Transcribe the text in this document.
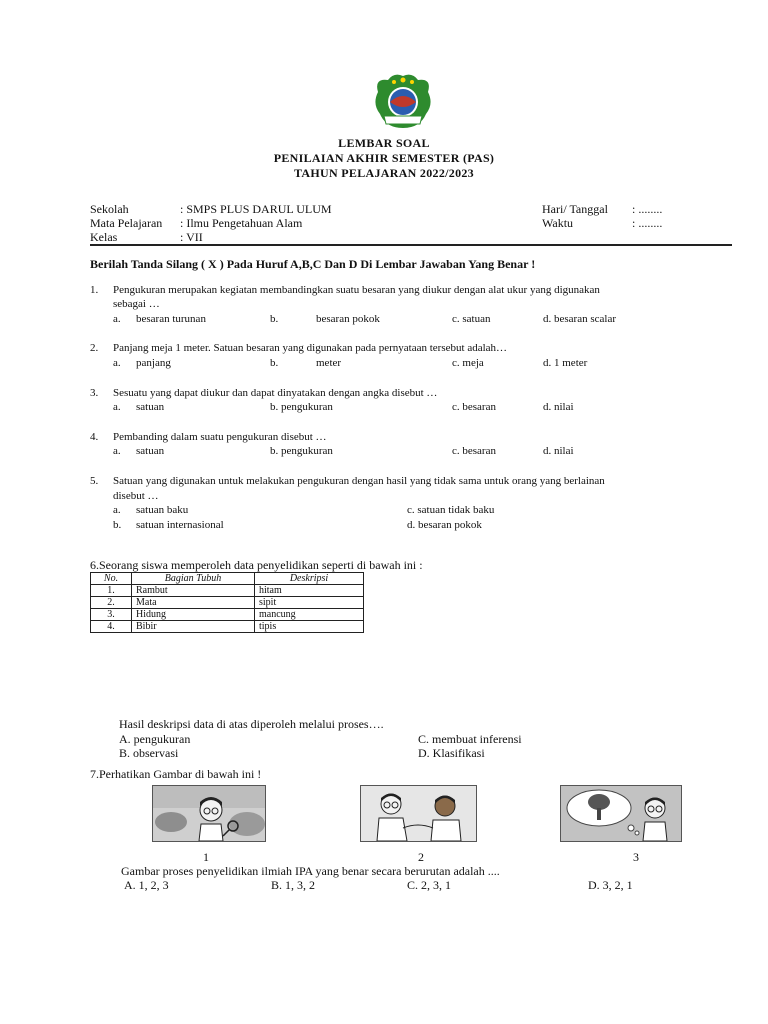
LEMBAR SOAL
PENILAIAN AKHIR SEMESTER (PAS)
TAHUN PELAJARAN 2022/2023
Sekolah	: SMPS PLUS DARUL ULUM
Mata Pelajaran : Ilmu Pengetahuan Alam
Kelas	: VII
Hari/ Tanggal : ........
Waktu	: ........
Berilah Tanda Silang ( X ) Pada Huruf A,B,C Dan D Di Lembar Jawaban Yang Benar !
1. Pengukuran merupakan kegiatan membandingkan suatu besaran yang diukur dengan alat ukur yang digunakan
sebagai …
a. besaran turunan	b.	besaran pokok	c. satuan	d. besaran scalar
2. Panjang meja 1 meter. Satuan besaran yang digunakan pada pernyataan tersebut adalah…
a. panjang	b.	meter	c. meja	d. 1 meter
3. Sesuatu yang dapat diukur dan dapat dinyatakan dengan angka disebut …
a. satuan	b. pengukuran	c. besaran	d. nilai
4. Pembanding dalam suatu pengukuran disebut …
a. satuan	b. pengukuran	c. besaran	d. nilai
5. Satuan yang digunakan untuk melakukan pengukuran dengan hasil yang tidak sama untuk orang yang berlainan
disebut …
a. satuan baku
b. satuan internasional
c. satuan tidak baku
d. besaran pokok
6.Seorang siswa memperoleh data penyelidikan seperti di bawah ini :
No.	Bagian Tubuh	Deskripsi
1.	Rambut	hitam
2.	Mata	sipit
3.	Hidung	mancung
4.	Bibir	tipis
Hasil deskripsi data di atas diperoleh melalui proses….
A. pengukuran
B. observasi
C. membuat inferensi
D. Klasifikasi
7.Perhatikan Gambar di bawah ini !
1	2	3
Gambar proses penyelidikan ilmiah IPA yang benar secara berurutan adalah ....
A. 1, 2, 3	B. 1, 3, 2	C. 2, 3, 1	D. 3, 2, 1
